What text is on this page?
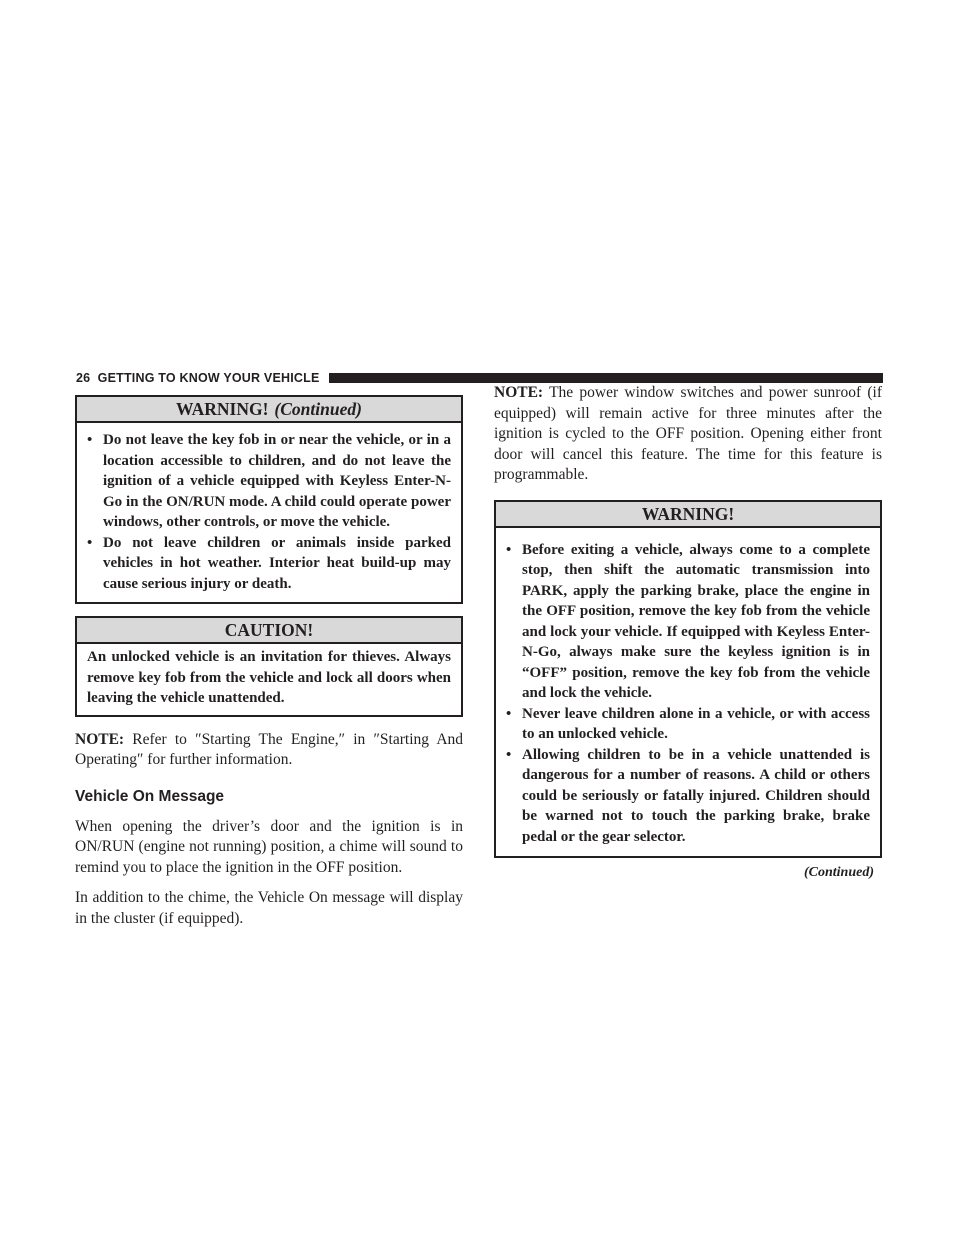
26 GETTING TO KNOW YOUR VEHICLE
WARNING! (Continued)
• Do not leave the key fob in or near the vehicle, or in a location accessible to children, and do not leave the ignition of a vehicle equipped with Keyless Enter-N-Go in the ON/RUN mode. A child could operate power windows, other controls, or move the vehicle.
• Do not leave children or animals inside parked vehicles in hot weather. Interior heat build-up may cause serious injury or death.
CAUTION!

An unlocked vehicle is an invitation for thieves. Always remove key fob from the vehicle and lock all doors when leaving the vehicle unattended.

NOTE: Refer to ″Starting The Engine,″ in ″Starting And Operating″ for further information.

Vehicle On Message

When opening the driver’s door and the ignition is in ON/RUN (engine not running) position, a chime will sound to remind you to place the ignition in the OFF position.

In addition to the chime, the Vehicle On message will display in the cluster (if equipped).

NOTE: The power window switches and power sunroof (if equipped) will remain active for three minutes after the ignition is cycled to the OFF position. Opening either front door will cancel this feature. The time for this feature is programmable.

WARNING!
• Before exiting a vehicle, always come to a complete stop, then shift the automatic transmission into PARK, apply the parking brake, place the engine in the OFF position, remove the key fob from the vehicle and lock your vehicle. If equipped with Keyless Enter-N-Go, always make sure the keyless ignition is in “OFF” position, remove the key fob from the vehicle and lock the vehicle.
• Never leave children alone in a vehicle, or with access to an unlocked vehicle.
• Allowing children to be in a vehicle unattended is dangerous for a number of reasons. A child or others could be seriously or fatally injured. Children should be warned not to touch the parking brake, brake pedal or the gear selector.
(Continued)
